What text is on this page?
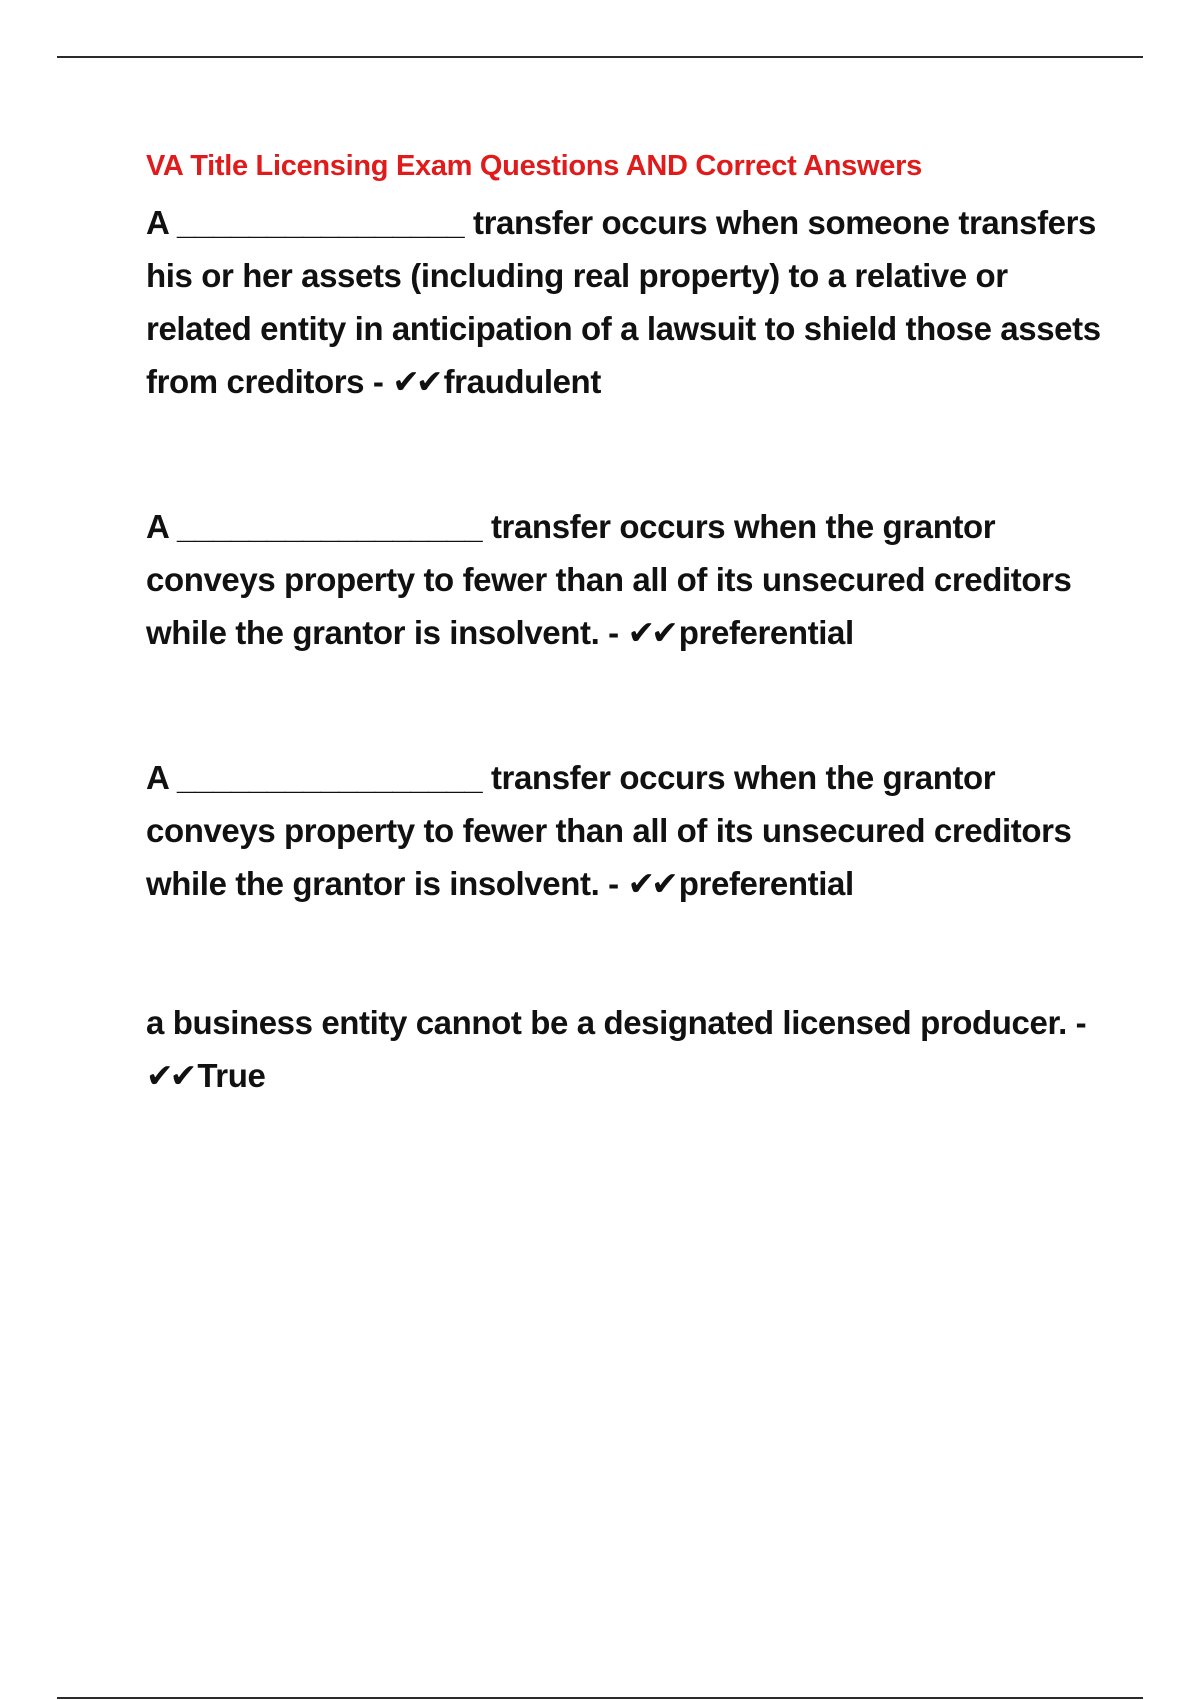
VA Title Licensing Exam Questions AND Correct Answers

A ________________ transfer occurs when someone transfers his or her assets (including real property) to a relative or related entity in anticipation of a lawsuit to shield those assets from creditors - ✔✔ fraudulent

A _________________ transfer occurs when the grantor conveys property to fewer than all of its unsecured creditors while the grantor is insolvent. - ✔✔ preferential

A _________________ transfer occurs when the grantor conveys property to fewer than all of its unsecured creditors while the grantor is insolvent. - ✔✔ preferential

a business entity cannot be a designated licensed producer. - ✔✔ True
